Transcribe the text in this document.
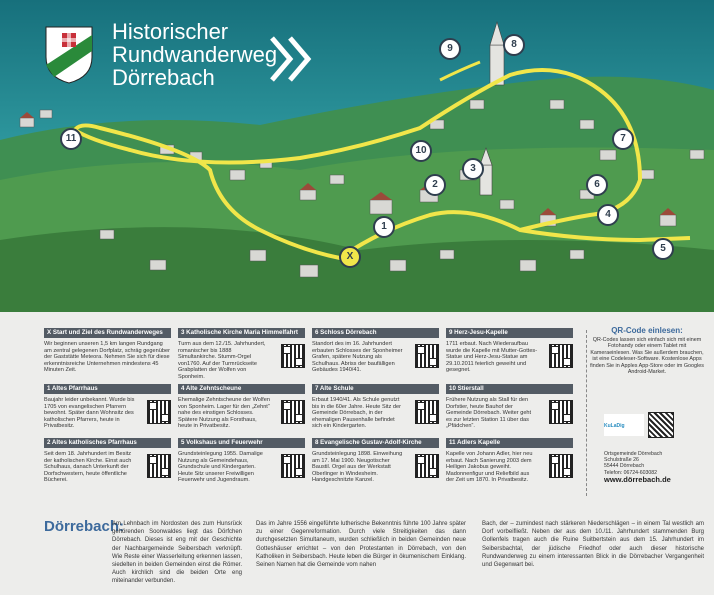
Historischer
Rundwanderweg
Dörrebach
1
2
3
4
5
6
7
8
9
10
11
X
X Start und Ziel des Rundwanderweges
Wir beginnen unseren 1,5 km langen Rundgang am zentral gelegenen Dorfplatz, schräg gegenüber der Gaststätte Meteora. Nehmen Sie sich für diese erkenntnisreiche Unternehmen mindestens 45 Minuten Zeit.
1 Altes Pfarrhaus
Baujahr leider unbekannt. Wurde bis 1705 von evangelischen Pfarrern bewohnt. Später dann Wohnsitz des katholischen Pfarrers, heute in Privatbesitz.
2 Altes katholisches Pfarrhaus
Seit dem 18. Jahrhundert im Besitz der katholischen Kirche. Einst auch Schulhaus, danach Unterkunft der Dorfschwestern, heute öffentliche Bücherei.
3 Katholische Kirche Maria Himmelfahrt
Turm aus dem 12./15. Jahrhundert, romanischer bis 1888 Simultankirche. Stumm-Orgel von1760. Auf der Turmrückseite Grabplatten der Wolfen von Sponheim.
4 Alte Zehntscheune
Ehemalige Zehntscheune der Wolfen von Sponheim. Lager für den „Zehnt“ nahe des einstigen Schlosses. Spätere Nutzung als Forsthaus, heute in Privatbesitz.
5 Volkshaus und Feuerwehr
Grundsteinlegung 1955. Damalige Nutzung als Gemeindehaus, Grundschule und Kindergarten. Heute Sitz unserer Freiwilligen Feuerwehr und Jugendraum.
6 Schloss Dörrebach
Standort des im 16. Jahrhundert erbauten Schlosses der Sponheimer Grafen, spätere Nutzung als Schulhaus. Abriss der baufälligen Gebäudes 1940/41.
7 Alte Schule
Erbaut 1940/41. Als Schule genutzt bis in die 60er Jahre. Heute Sitz der Gemeinde Dörrebach, in der ehemaligen Pausenhalle befindet sich ein Kindergarten.
8 Evangelische Gustav-Adolf-Kirche
Grundsteinlegung 1898. Einweihung am 17. Mai 1900. Neugotischer Baustil. Orgel aus der Werkstatt Oberlinger in Windesheim. Handgeschnitzte Kanzel.
9 Herz-Jesu-Kapelle
1711 erbaut. Nach Wiederaufbau wurde die Kapelle mit Mutter-Gottes-Statue und Herz-Jesu-Statue am 29.10.2011 feierlich geweiht und gesegnet.
10 Stierstall
Frühere Nutzung als Stall für den Dorfstier, heute Bauhof der Gemeinde Dörrebach. Weiter geht es zur letzten Station 11 über das „Pfädchen“.
11 Adlers Kapelle
Kapelle von Johann Adler, hier neu erbaut. Nach Sanierung 2003 dem Heiligen Jakobus geweiht. Madonnenfigur und Reliefbild aus der Zeit um 1870. In Privatbesitz.
QR-Code einlesen:

QR-Codes lassen sich einfach sich mit einem Fotohandy oder einem Tablet mit Kameraeinlesen. Was Sie außerdem brauchen, ist eine Codeleser-Software. Kostenlose Apps finden Sie in Apples App-Store oder im Googles Android-Market.

KuLaDig
Ortsgemeinde Dörrebach
Schulstraße 26
55444 Dörrebach
Telefon: 06724-603082
www.dörrebach.de
Dörrebach:
Am Lehnbach im Nordosten des zum Hunsrück gehörenden Soonwaldes liegt das Dörfchen Dörrebach. Dieses ist eng mit der Geschichte der Nachbargemeinde Seibersbach verknüpft. Wie Reste einer Wasserleitung erkennen lassen, siedelten in beiden Gemeinden einst die Römer. Auch kirchlich sind die beiden Orte eng miteinander verbunden.
Das im Jahre 1556 eingeführte lutherische Bekenntnis führte 100 Jahre später zu einer Gegenreformation. Durch viele Streitigkeiten das dann durchgesetzten Simultaneum, wurden schließlich in beiden Gemeinden neue Gotteshäuser errichtet – von den Protestanten in Dörrebach, von den Katholiken in Seibersbach. Heute leben die Bürger in ökumenischem Einklang. Seinen Namen hat die Gemeinde vom nahen
Bach, der – zumindest nach stärkeren Niederschlägen – in einem Tal westlich am Dorf vorbeifließt. Neben der aus dem 10./11. Jahrhundert stammenden Burg Gollenfels tragen auch die Ruine Suitbertstein aus dem 15. Jahrhundert im Seibersbachtal, der jüdische Friedhof oder auch dieser historische Rundwanderweg zu einem interessanten Blick in die Dörrebacher Vergangenheit und Gegenwart bei.
